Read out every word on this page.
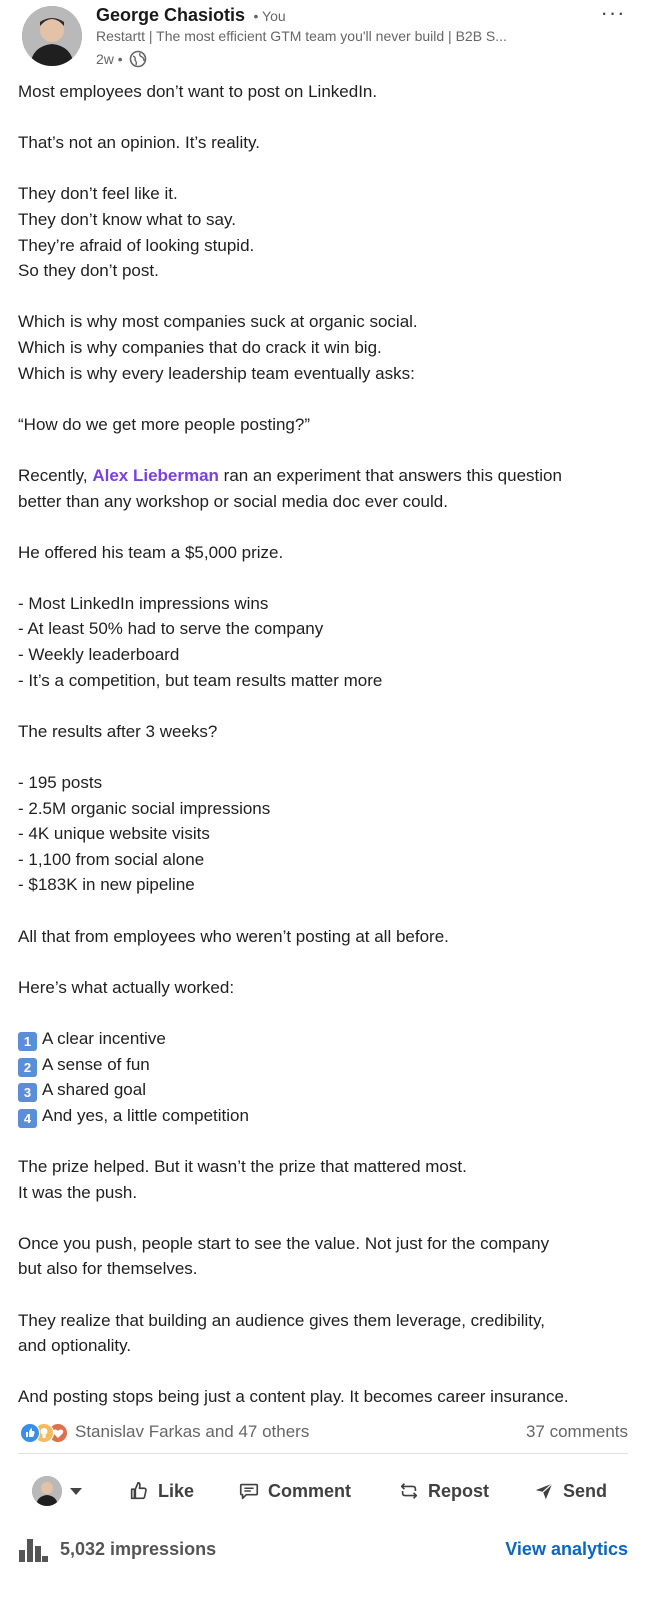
George Chasiotis • You
Restartt | The most efficient GTM team you'll never build | B2B S...
2w •
···

Most employees don’t want to post on LinkedIn.

That’s not an opinion. It’s reality.

They don’t feel like it.
They don’t know what to say.
They’re afraid of looking stupid.
So they don’t post.

Which is why most companies suck at organic social.
Which is why companies that do crack it win big.
Which is why every leadership team eventually asks:

“How do we get more people posting?”

Recently, Alex Lieberman ran an experiment that answers this question
better than any workshop or social media doc ever could.

He offered his team a $5,000 prize.

- Most LinkedIn impressions wins
- At least 50% had to serve the company
- Weekly leaderboard
- It’s a competition, but team results matter more

The results after 3 weeks?

- 195 posts
- 2.5M organic social impressions
- 4K unique website visits
- 1,100 from social alone
- $183K in new pipeline

All that from employees who weren’t posting at all before.

Here’s what actually worked:

1 A clear incentive
2 A sense of fun
3 A shared goal
4 And yes, a little competition

The prize helped. But it wasn’t the prize that mattered most.
It was the push.

Once you push, people start to see the value. Not just for the company
but also for themselves.

They realize that building an audience gives them leverage, credibility,
and optionality.

And posting stops being just a content play. It becomes career insurance.

Stanislav Farkas and 47 others	37 comments
Like	Comment	Repost	Send
5,032 impressions	View analytics
